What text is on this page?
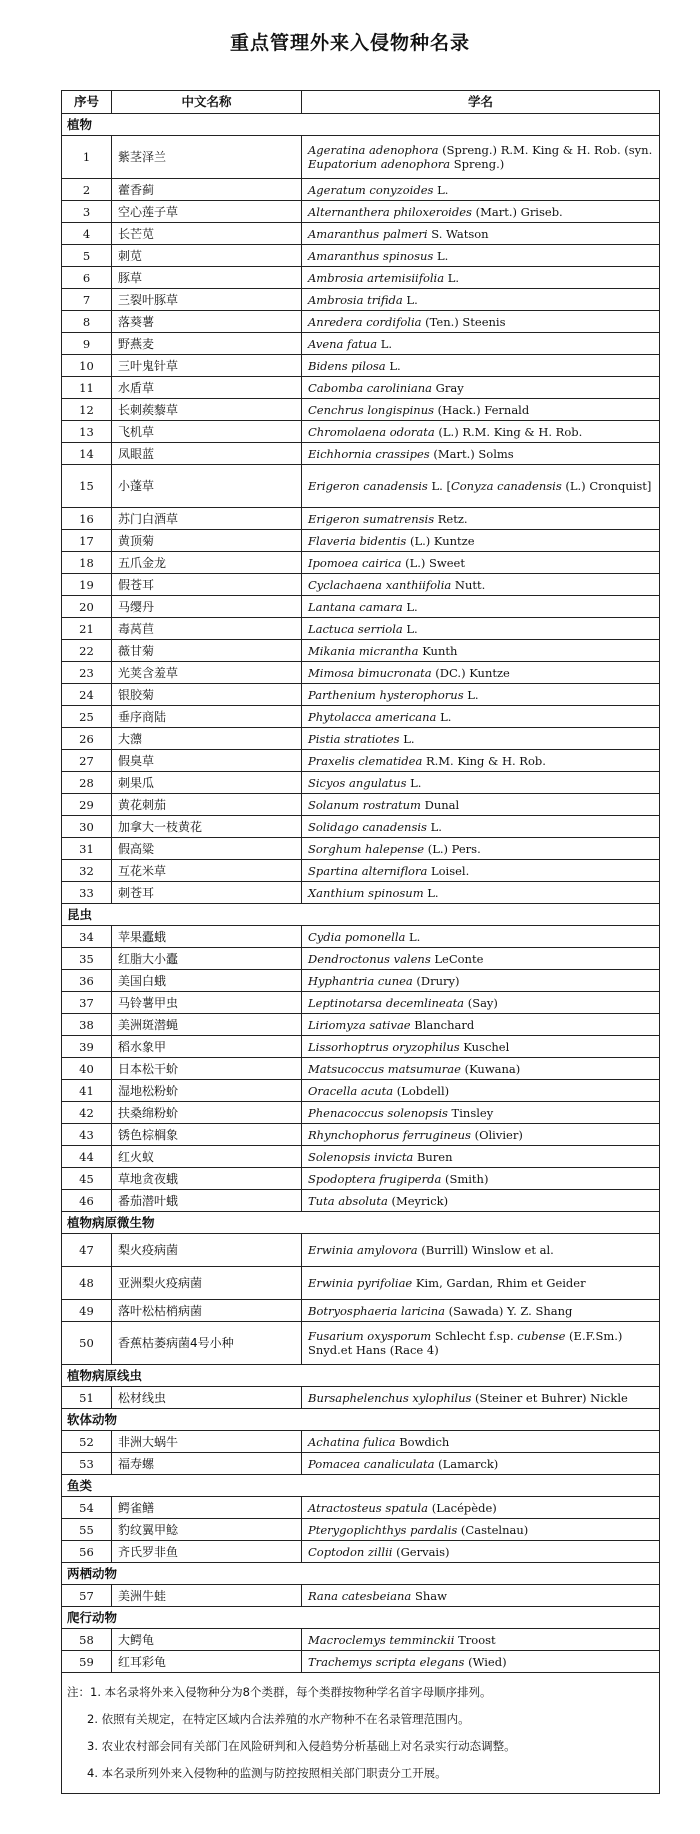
重点管理外来入侵物种名录
序号	中文名称	学名
植物		
1	紫茎泽兰	Ageratina adenophora (Spreng.) R.M. King & H. Rob. (syn. Eupatorium adenophora Spreng.)
2	藿香蓟	Ageratum conyzoides L.
3	空心莲子草	Alternanthera philoxeroides (Mart.) Griseb.
4	长芒苋	Amaranthus palmeri S. Watson
5	刺苋	Amaranthus spinosus L.
6	豚草	Ambrosia artemisiifolia L.
7	三裂叶豚草	Ambrosia trifida L.
8	落葵薯	Anredera cordifolia (Ten.) Steenis
9	野燕麦	Avena fatua L.
10	三叶鬼针草	Bidens pilosa L.
11	水盾草	Cabomba caroliniana Gray
12	长刺蒺藜草	Cenchrus longispinus (Hack.) Fernald
13	飞机草	Chromolaena odorata (L.) R.M. King & H. Rob.
14	凤眼蓝	Eichhornia crassipes (Mart.) Solms
15	小蓬草	Erigeron canadensis L. [Conyza canadensis (L.) Cronquist]
16	苏门白酒草	Erigeron sumatrensis Retz.
17	黄顶菊	Flaveria bidentis (L.) Kuntze
18	五爪金龙	Ipomoea cairica (L.) Sweet
19	假苍耳	Cyclachaena xanthiifolia Nutt.
20	马缨丹	Lantana camara L.
21	毒莴苣	Lactuca serriola L.
22	薇甘菊	Mikania micrantha Kunth
23	光荚含羞草	Mimosa bimucronata (DC.) Kuntze
24	银胶菊	Parthenium hysterophorus L.
25	垂序商陆	Phytolacca americana L.
26	大薸	Pistia stratiotes L.
27	假臭草	Praxelis clematidea R.M. King & H. Rob.
28	刺果瓜	Sicyos angulatus L.
29	黄花刺茄	Solanum rostratum Dunal
30	加拿大一枝黄花	Solidago canadensis L.
31	假高粱	Sorghum halepense (L.) Pers.
32	互花米草	Spartina alterniflora Loisel.
33	刺苍耳	Xanthium spinosum L.
昆虫		
34	苹果蠹蛾	Cydia pomonella L.
35	红脂大小蠹	Dendroctonus valens LeConte
36	美国白蛾	Hyphantria cunea (Drury)
37	马铃薯甲虫	Leptinotarsa decemlineata (Say)
38	美洲斑潜蝇	Liriomyza sativae Blanchard
39	稻水象甲	Lissorhoptrus oryzophilus Kuschel
40	日本松干蚧	Matsucoccus matsumurae (Kuwana)
41	湿地松粉蚧	Oracella acuta (Lobdell)
42	扶桑绵粉蚧	Phenacoccus solenopsis Tinsley
43	锈色棕榈象	Rhynchophorus ferrugineus (Olivier)
44	红火蚁	Solenopsis invicta Buren
45	草地贪夜蛾	Spodoptera frugiperda (Smith)
46	番茄潜叶蛾	Tuta absoluta (Meyrick)
植物病原微生物		
47	梨火疫病菌	Erwinia amylovora (Burrill) Winslow et al.
48	亚洲梨火疫病菌	Erwinia pyrifoliae Kim, Gardan, Rhim et Geider
49	落叶松枯梢病菌	Botryosphaeria laricina (Sawada) Y. Z. Shang
50	香蕉枯萎病菌4号小种	Fusarium oxysporum Schlecht f.sp. cubense (E.F.Sm.) Snyd.et Hans (Race 4)
植物病原线虫		
51	松材线虫	Bursaphelenchus xylophilus (Steiner et Buhrer) Nickle
软体动物		
52	非洲大蜗牛	Achatina fulica Bowdich
53	福寿螺	Pomacea canaliculata (Lamarck)
鱼类		
54	鳄雀鳝	Atractosteus spatula (Lacépède)
55	豹纹翼甲鲶	Pterygoplichthys pardalis (Castelnau)
56	齐氏罗非鱼	Coptodon zillii (Gervais)
两栖动物		
57	美洲牛蛙	Rana catesbeiana Shaw
爬行动物		
58	大鳄龟	Macroclemys temminckii Troost
59	红耳彩龟	Trachemys scripta elegans (Wied)

注：1. 本名录将外来入侵物种分为8个类群，每个类群按物种学名首字母顺序排列。
2. 依照有关规定，在特定区域内合法养殖的水产物种不在名录管理范围内。
3. 农业农村部会同有关部门在风险研判和入侵趋势分析基础上对名录实行动态调整。
4. 本名录所列外来入侵物种的监测与防控按照相关部门职责分工开展。		
